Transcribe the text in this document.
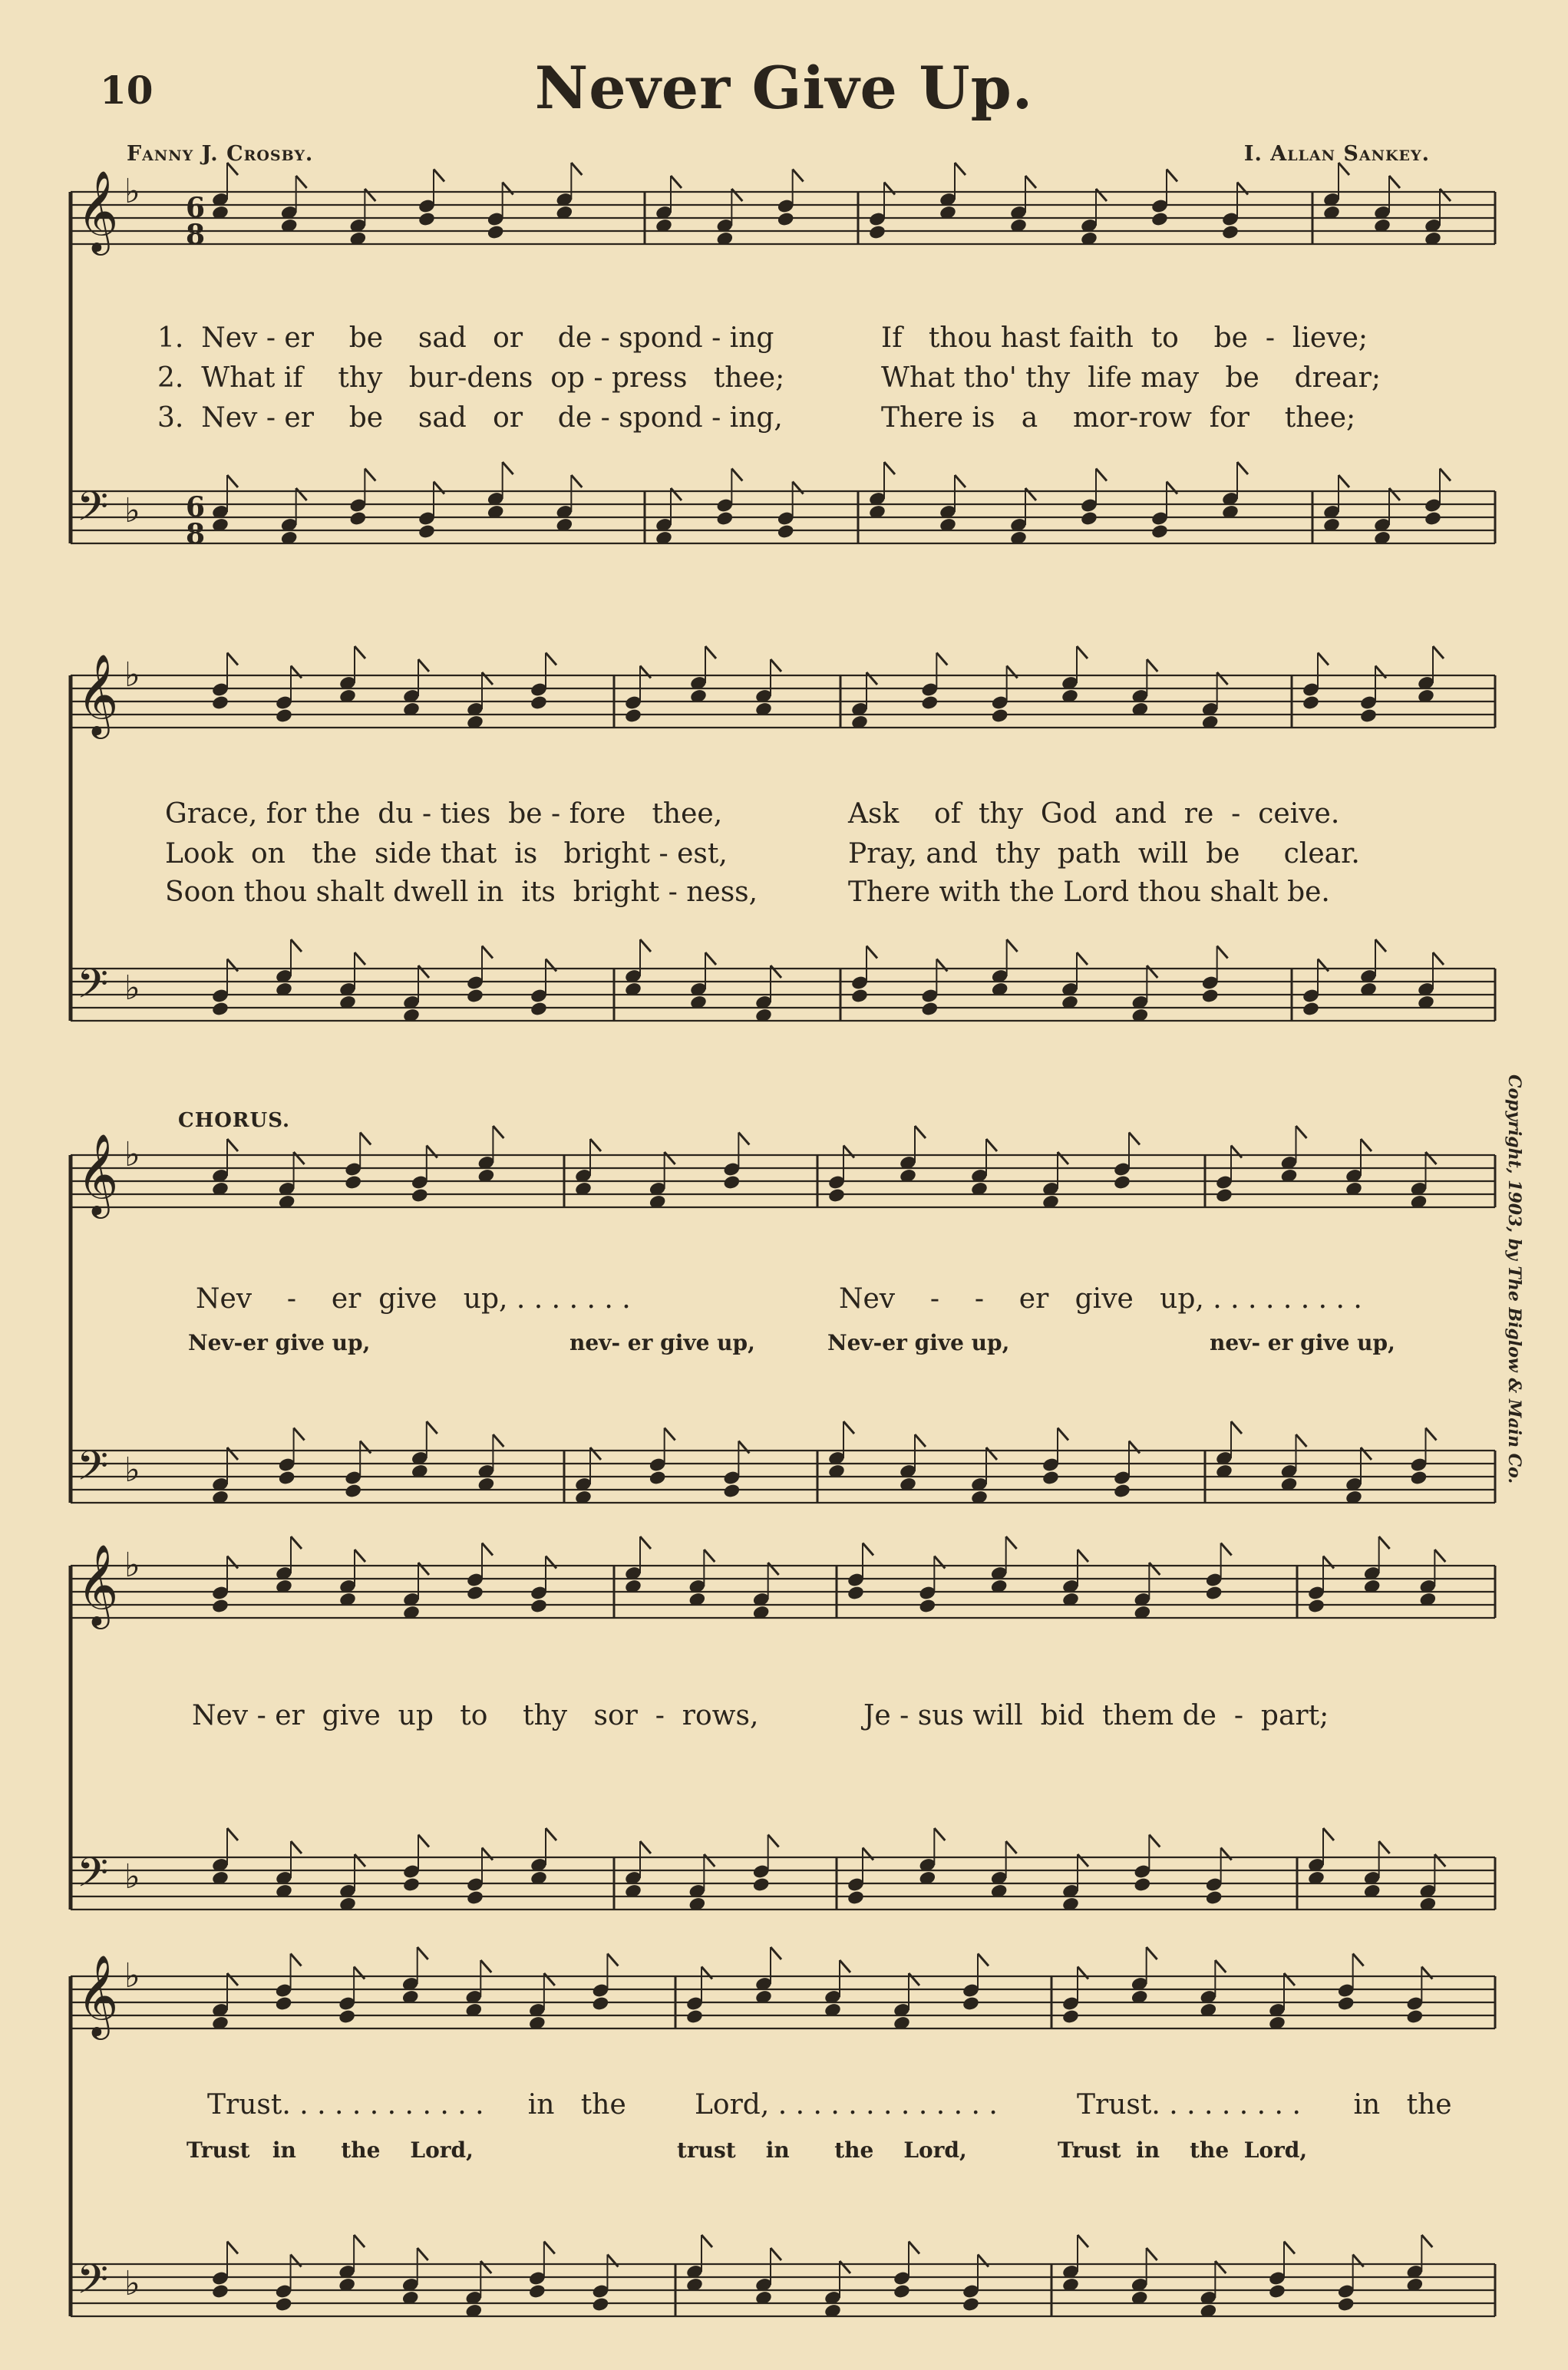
10	Never Give Up.
Fanny J. Crosby.	I. Allan Sankey.
𝄞 ♭
𝄢 ♭
𝄞 ♭
𝄢 ♭
𝄞 ♭
𝄢 ♭
𝄞 ♭
𝄢 ♭
𝄞 ♭
𝄢 ♭
6
8
6
8
1.  Nev - er    be    sad   or    de - spond - ing
2.  What if    thy   bur-dens  op - press   thee;
3.  Nev - er    be    sad   or    de - spond - ing,
If   thou hast faith  to    be  -  lieve;
What tho' thy  life may   be    drear;
There is   a    mor-row  for    thee;
Grace, for the  du - ties  be - fore   thee,
Look  on   the  side that  is   bright - est,
Soon thou shalt dwell in  its  bright - ness,
Ask    of  thy  God  and  re  -  ceive.
Pray, and  thy  path  will  be     clear.
There with the Lord thou shalt be.
CHORUS.
Nev    -    er  give   up, . . . . . . .	Nev    -    -    er   give   up, . . . . . . . . .
Nev-er give up,	nev- er give up,	Nev-er give up,	nev- er give up,
Nev - er  give  up   to    thy   sor  -  rows,	Je - sus will  bid  them de  -  part;
Trust. . . . . . . . . . . .     in   the Lord, . . . . . . . . . . . . .	Trust. . . . . . . . .      in   the
Trust   in      the    Lord,	trust    in      the    Lord,	Trust  in    the  Lord,
Copyright, 1903, by The Biglow & Main Co.
